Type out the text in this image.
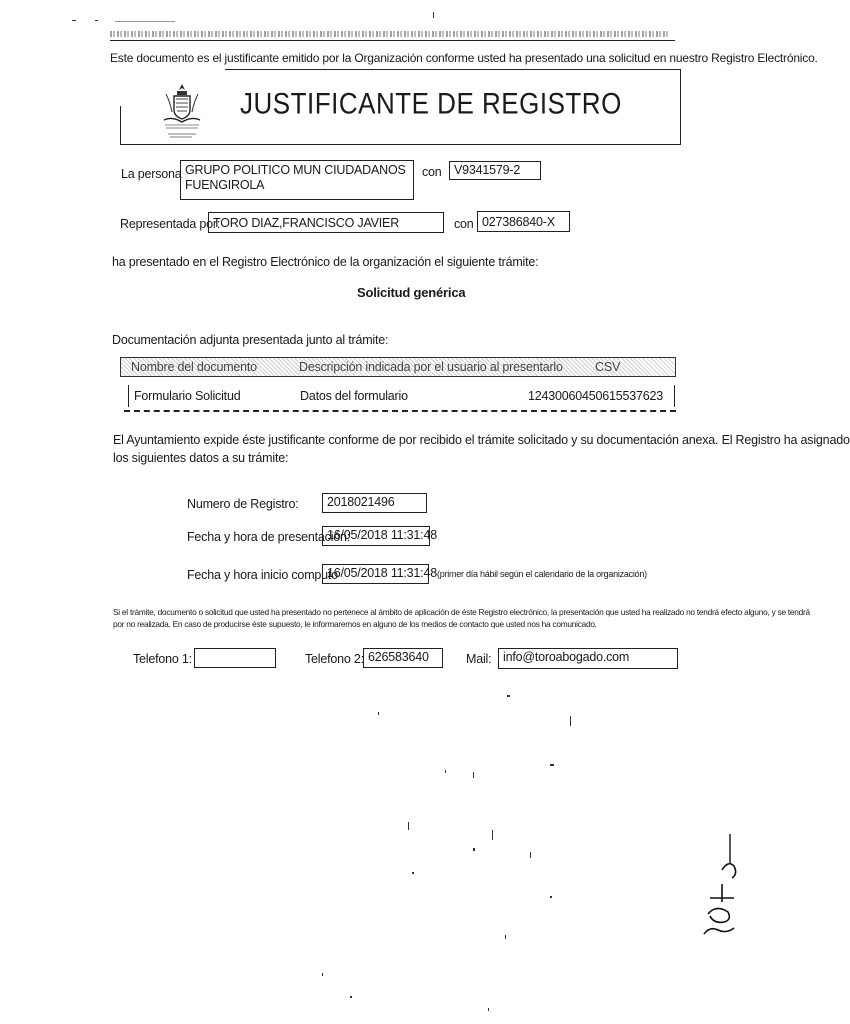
Este documento es el justificante emitido por la Organización conforme usted ha presentado una solicitud en nuestro Registro Electrónico.
JUSTIFICANTE DE REGISTRO
La persona GRUPO POLITICO MUN CIUDADANOS
FUENGIROLA
con V9341579-2
Representada por:
TORO DIAZ,FRANCISCO JAVIER	con 027386840-X
ha presentado en el Registro Electrónico de la organización el siguiente trámite:
Solicitud genérica
Documentación adjunta presentada junto al trámite:
Nombre del documento	Descripción indicada por el usuario al presentarlo	CSV
Formulario Solicitud	Datos del formulario	12430060450615537623
El Ayuntamiento expide éste justificante conforme de por recibido el trámite solicitado y su documentación anexa. El Registro ha asignado
los siguientes datos a su trámite:
Numero de Registro:	2018021496
Fecha y hora de presentación:
16/05/2018 11:31:48
Fecha y hora inicio computo
16/05/2018 11:31:48 (primer día hábil según el calendario de la organización)
Si el trámite, documento o solicitud que usted ha presentado no pertenece al ámbito de aplicación de éste Registro electrónico, la presentación que usted ha realizado no tendrá efecto alguno, y se tendrá
por no realizada. En caso de producirse éste supuesto, le informaremos en alguno de los medios de contacto que usted nos ha comunicado.
Telefono 1:	Telefono 2: 626583640	Mail: info@toroabogado.com
